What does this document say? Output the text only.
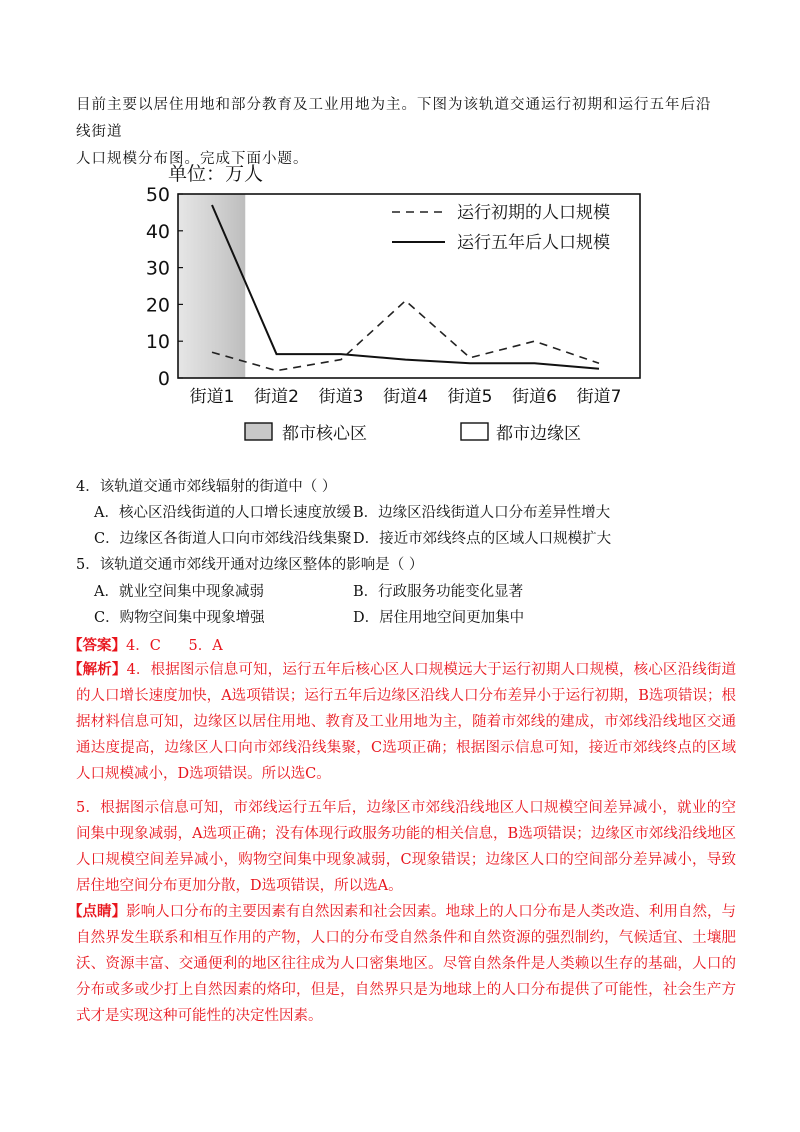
目前主要以居住用地和部分教育及工业用地为主。下图为该轨道交通运行初期和运行五年后沿线街道

人口规模分布图。完成下面小题。

0
10
20
30
40
50
街道1 街道2 街道3 街道4 街道5 街道6 街道7
单位：万人
运行初期的人口规模
运行五年后人口规模
都市核心区	都市边缘区
4．该轨道交通市郊线辐射的街道中（ ）
A．核心区沿线街道的人口增长速度放缓 B．边缘区沿线街道人口分布差异性增大
C．边缘区各街道人口向市郊线沿线集聚 D．接近市郊线终点的区域人口规模扩大
5．该轨道交通市郊线开通对边缘区整体的影响是（ ）
A．就业空间集中现象减弱	B．行政服务功能变化显著
C．购物空间集中现象增强	D．居住用地空间更加集中
【答案】4．C      5．A

【解析】4．根据图示信息可知，运行五年后核心区人口规模远大于运行初期人口规模，核心区沿线街道的人口增长速度加快，A选项错误；运行五年后边缘区沿线人口分布差异小于运行初期，B选项错误；根据材料信息可知，边缘区以居住用地、教育及工业用地为主，随着市郊线的建成，市郊线沿线地区交通通达度提高，边缘区人口向市郊线沿线集聚，C选项正确；根据图示信息可知，接近市郊线终点的区域人口规模减小，D选项错误。所以选C。

5．根据图示信息可知，市郊线运行五年后，边缘区市郊线沿线地区人口规模空间差异减小，就业的空间集中现象减弱，A选项正确；没有体现行政服务功能的相关信息，B选项错误；边缘区市郊线沿线地区人口规模空间差异减小，购物空间集中现象减弱，C现象错误；边缘区人口的空间部分差异减小，导致居住地空间分布更加分散，D选项错误，所以选A。

【点睛】影响人口分布的主要因素有自然因素和社会因素。地球上的人口分布是人类改造、利用自然，与自然界发生联系和相互作用的产物，人口的分布受自然条件和自然资源的强烈制约，气候适宜、土壤肥沃、资源丰富、交通便利的地区往往成为人口密集地区。尽管自然条件是人类赖以生存的基础，人口的分布或多或少打上自然因素的烙印，但是，自然界只是为地球上的人口分布提供了可能性，社会生产方式才是实现这种可能性的决定性因素。
